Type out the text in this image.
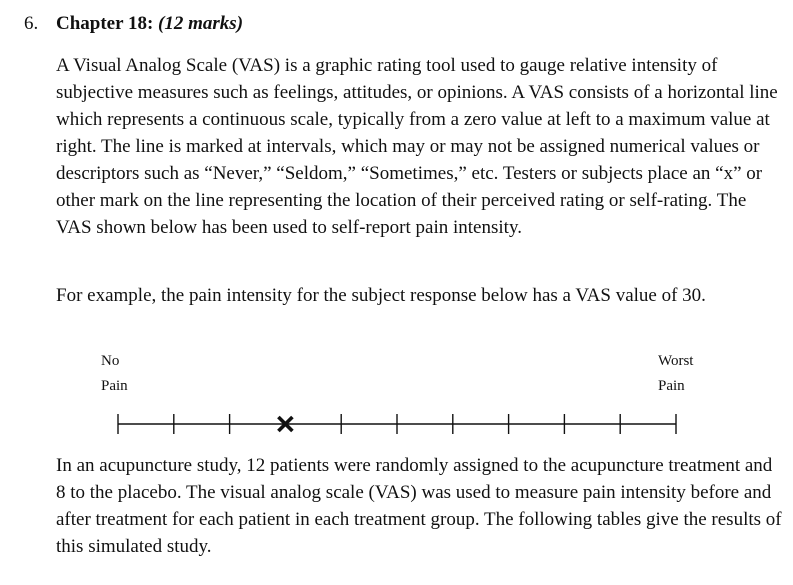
6. Chapter 18: (12 marks)

A Visual Analog Scale (VAS) is a graphic rating tool used to gauge relative intensity of subjective measures such as feelings, attitudes, or opinions. A VAS consists of a horizontal line which represents a continuous scale, typically from a zero value at left to a maximum value at right. The line is marked at intervals, which may or may not be assigned numerical values or descriptors such as “Never,” “Seldom,” “Sometimes,” etc. Testers or subjects place an “x” or other mark on the line representing the location of their perceived rating or self-rating. The VAS shown below has been used to self-report pain intensity.

For example, the pain intensity for the subject response below has a VAS value of 30.

No
Pain
Worst
Pain

In an acupuncture study, 12 patients were randomly assigned to the acupuncture treatment and 8 to the placebo. The visual analog scale (VAS) was used to measure pain intensity before and after treatment for each patient in each treatment group. The following tables give the results of this simulated study.
